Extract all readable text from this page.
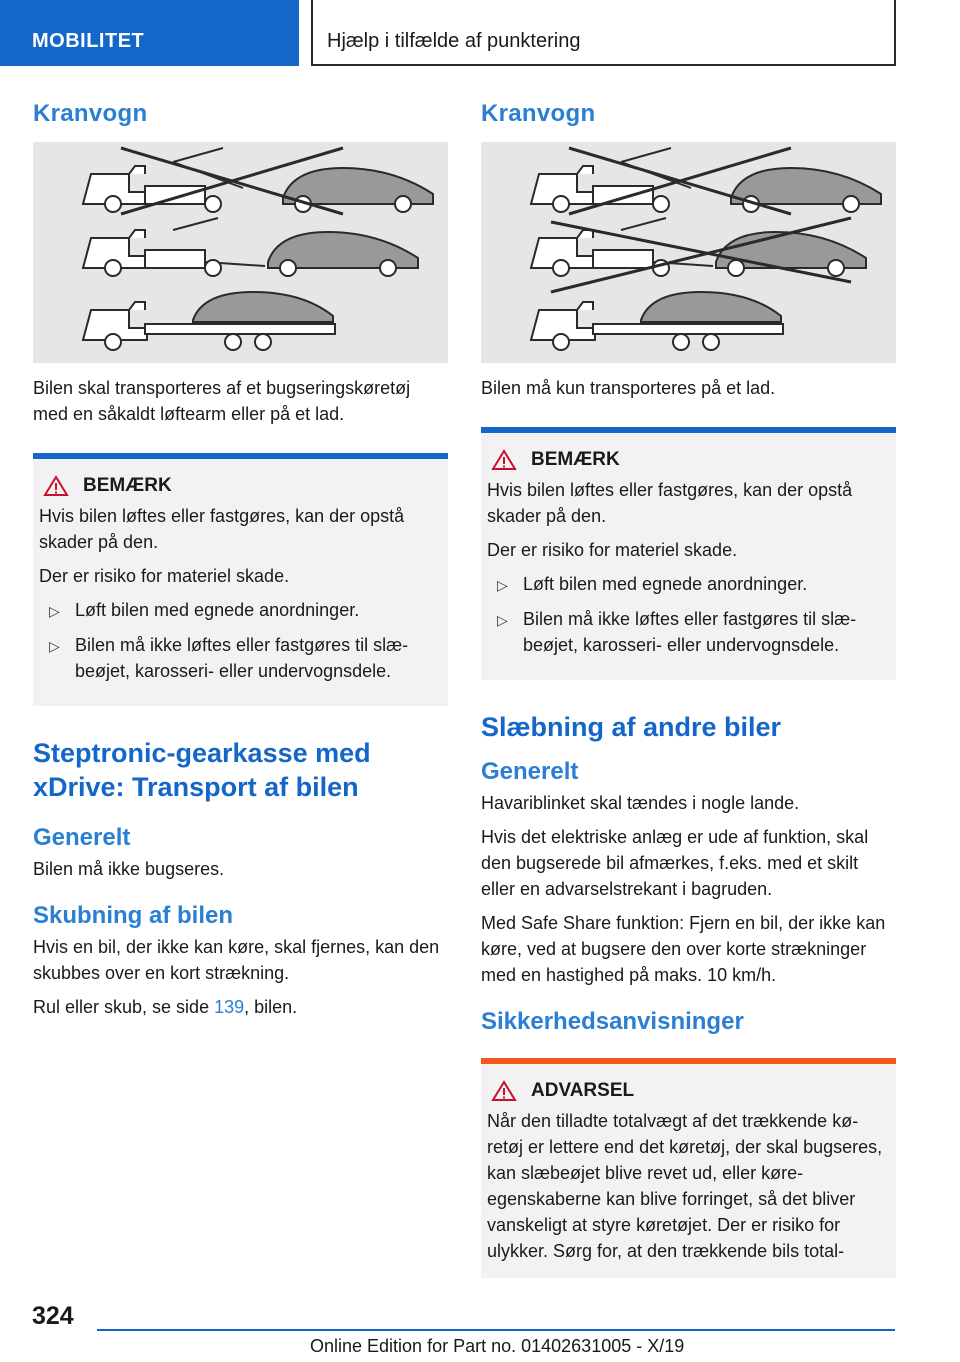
MOBILITET	Hjælp i tilfælde af punktering
Kranvogn

Bilen skal transporteres af et bugseringskøretøj med en såkaldt løftearm eller på et lad.

BEMÆRK

Hvis bilen løftes eller fastgøres, kan der opstå skader på den.

Der er risiko for materiel skade.

▷ Løft bilen med egnede anordninger.
▷ Bilen må ikke løftes eller fastgøres til slæbeøjet, karosseri- eller undervognsdele.
Steptronic-gearkasse med xDrive: Transport af bilen
Generelt

Bilen må ikke bugseres.

Skubning af bilen

Hvis en bil, der ikke kan køre, skal fjernes, kan den skubbes over en kort strækning.

Rul eller skub, se side 139, bilen.

Kranvogn

Bilen må kun transporteres på et lad.

BEMÆRK

Hvis bilen løftes eller fastgøres, kan der opstå skader på den.

Der er risiko for materiel skade.

▷ Løft bilen med egnede anordninger.
▷ Bilen må ikke løftes eller fastgøres til slæbeøjet, karosseri- eller undervognsdele.
Slæbning af andre biler
Generelt

Havariblinket skal tændes i nogle lande.

Hvis det elektriske anlæg er ude af funktion, skal den bugserede bil afmærkes, f.eks. med et skilt eller en advarselstrekant i bagruden.

Med Safe Share funktion: Fjern en bil, der ikke kan køre, ved at bugsere den over korte strækninger med en hastighed på maks. 10 km/h.

Sikkerhedsanvisninger
ADVARSEL

Når den tilladte totalvægt af det trækkende køretøj er lettere end det køretøj, der skal bugseres, kan slæbeøjet blive revet ud, eller køreegenskaberne kan blive forringet, så det bliver vanskeligt at styre køretøjet. Der er risiko for ulykker. Sørg for, at den trækkende bils total-

324
Online Edition for Part no. 01402631005 - X/19
